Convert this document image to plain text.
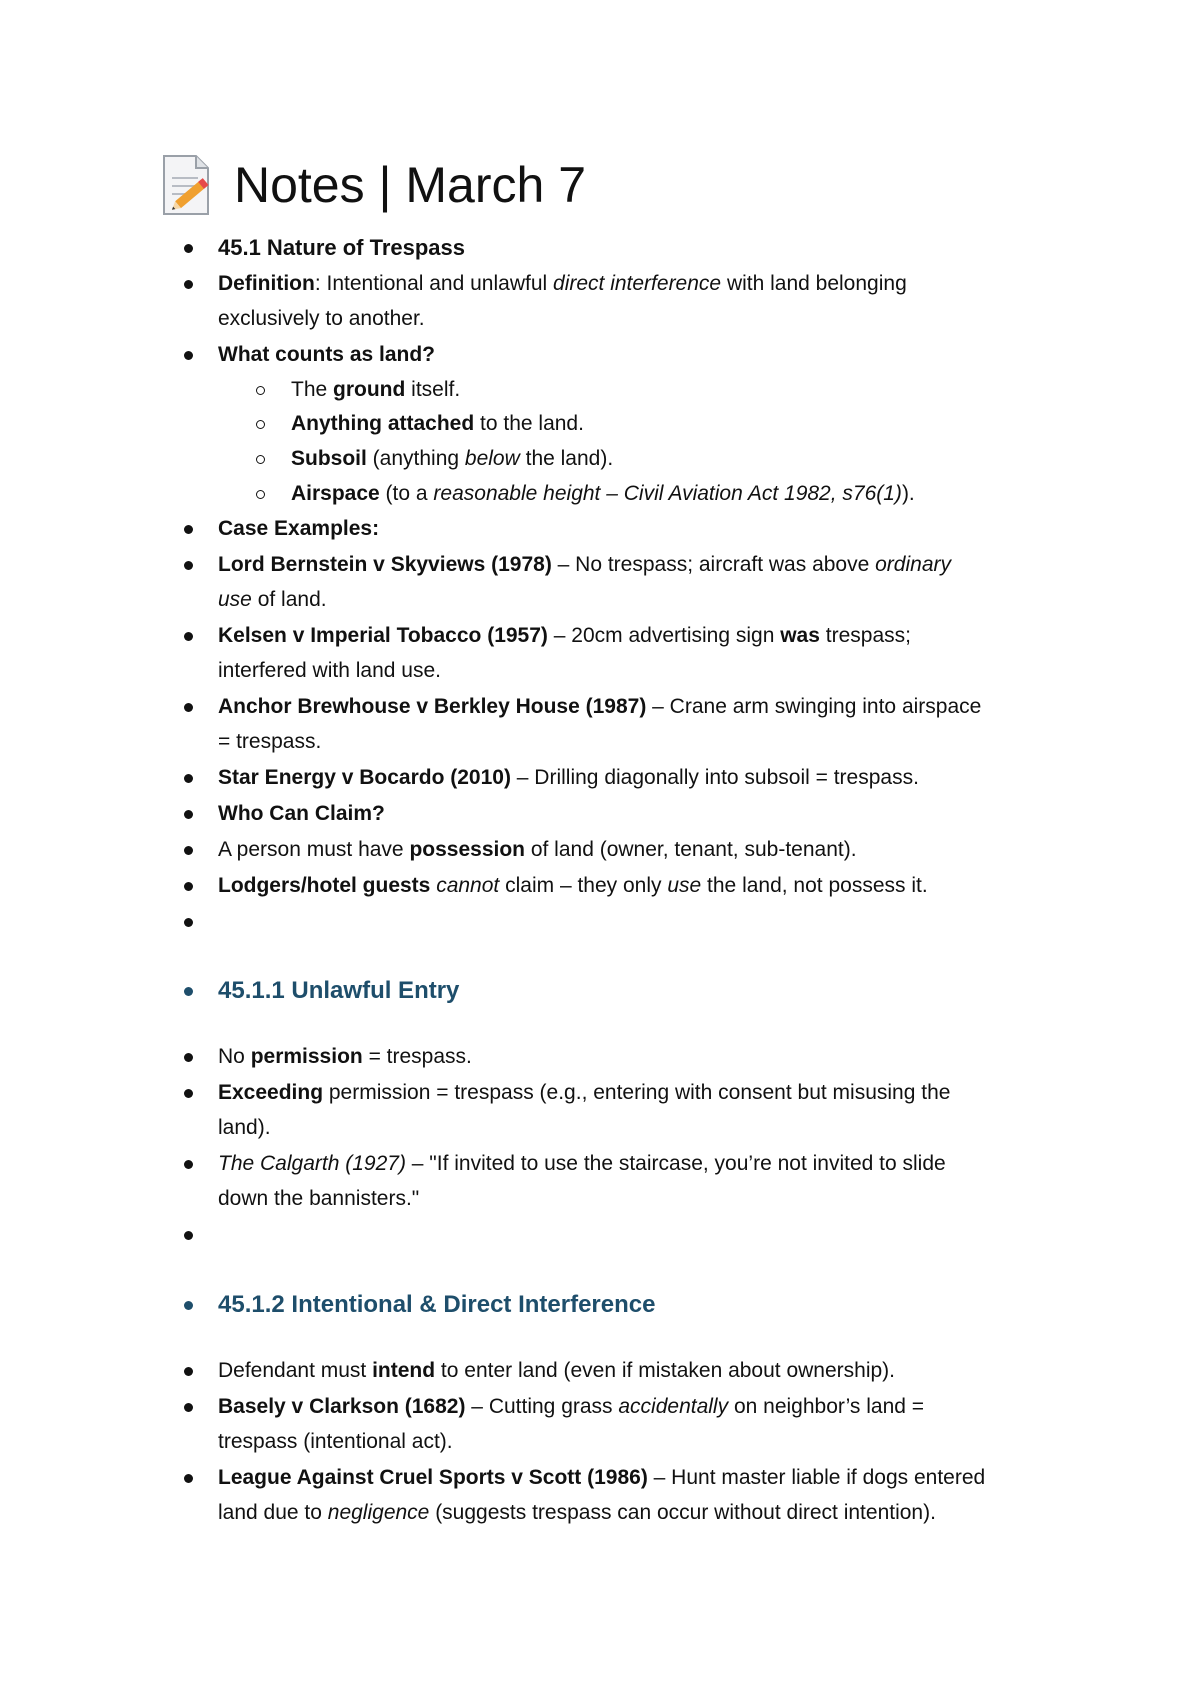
Notes | March 7
45.1 Nature of Trespass
Definition: Intentional and unlawful direct interference with land belonging
exclusively to another.
What counts as land?
The ground itself.
Anything attached to the land.
Subsoil (anything below the land).
Airspace (to a reasonable height – Civil Aviation Act 1982, s76(1)).
Case Examples:
Lord Bernstein v Skyviews (1978) – No trespass; aircraft was above ordinary
use of land.
Kelsen v Imperial Tobacco (1957) – 20cm advertising sign was trespass;
interfered with land use.
Anchor Brewhouse v Berkley House (1987) – Crane arm swinging into airspace
= trespass.
Star Energy v Bocardo (2010) – Drilling diagonally into subsoil = trespass.
Who Can Claim?
A person must have possession of land (owner, tenant, sub-tenant).
Lodgers/hotel guests cannot claim – they only use the land, not possess it.
45.1.1 Unlawful Entry
No permission = trespass.
Exceeding permission = trespass (e.g., entering with consent but misusing the
land).
The Calgarth (1927) – "If invited to use the staircase, you’re not invited to slide
down the bannisters."
45.1.2 Intentional & Direct Interference
Defendant must intend to enter land (even if mistaken about ownership).
Basely v Clarkson (1682) – Cutting grass accidentally on neighbor’s land =
trespass (intentional act).
League Against Cruel Sports v Scott (1986) – Hunt master liable if dogs entered
land due to negligence (suggests trespass can occur without direct intention).
